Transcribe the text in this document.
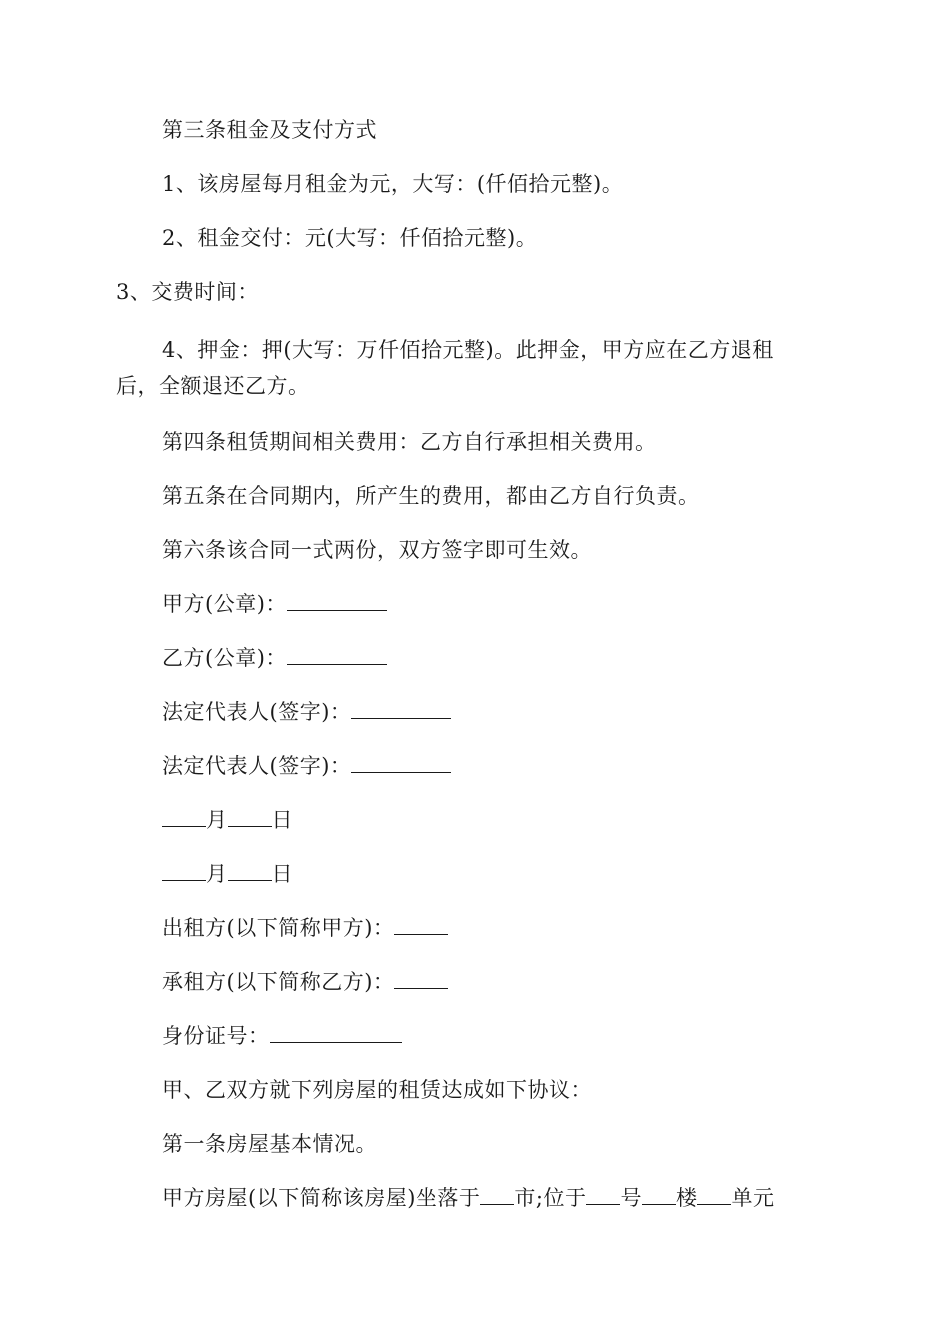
第三条租金及支付方式
1、该房屋每月租金为元，大写：(仟佰拾元整)。
2、租金交付：元(大写：仟佰拾元整)。
3、交费时间：
4、押金：押(大写：万仟佰拾元整)。此押金，甲方应在乙方退租后，全额退还乙方。
第四条租赁期间相关费用：乙方自行承担相关费用。
第五条在合同期内，所产生的费用，都由乙方自行负责。
第六条该合同一式两份，双方签字即可生效。
甲方(公章)：
乙方(公章)：
法定代表人(签字)：
法定代表人(签字)：
月 日
月 日
出租方(以下简称甲方)：
承租方(以下简称乙方)：
身份证号：
甲、乙双方就下列房屋的租赁达成如下协议：
第一条房屋基本情况。
甲方房屋(以下简称该房屋)坐落于 市;位于 号 楼 单元
